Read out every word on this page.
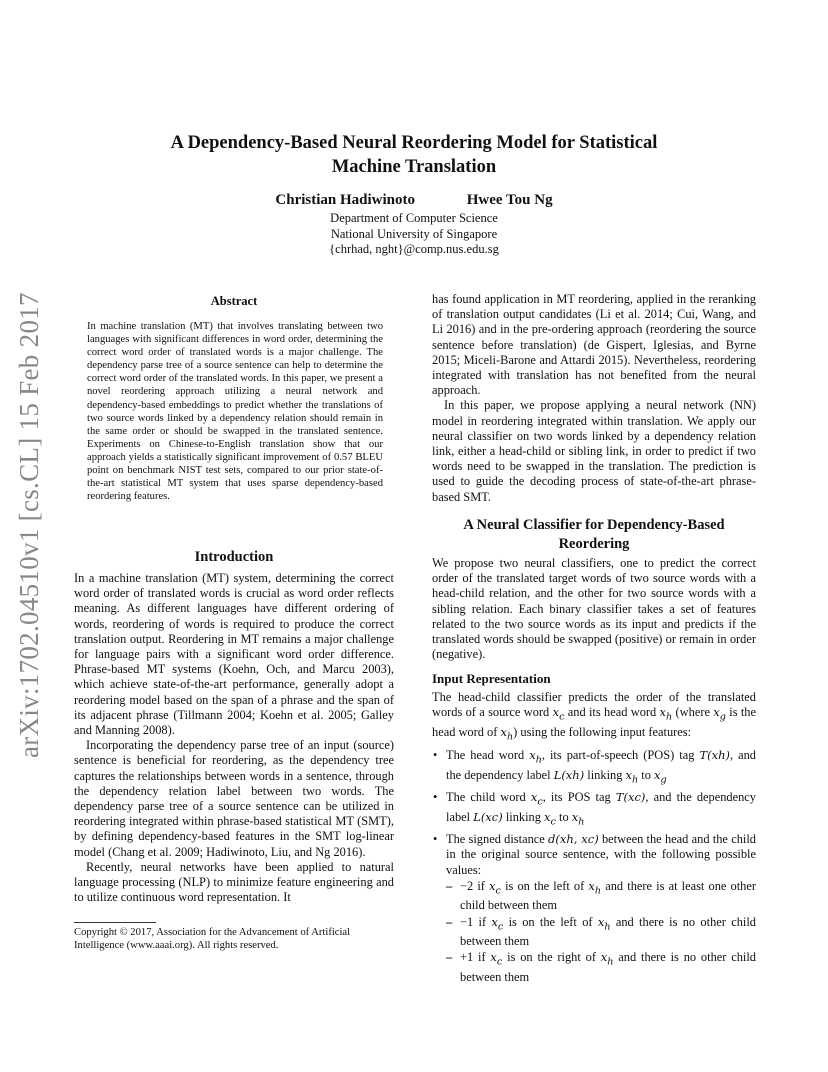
arXiv:1702.04510v1 [cs.CL] 15 Feb 2017
A Dependency-Based Neural Reordering Model for Statistical Machine Translation
Christian Hadiwinoto	Hwee Tou Ng
Department of Computer Science
National University of Singapore
{chrhad, nght}@comp.nus.edu.sg
Abstract
In machine translation (MT) that involves translating between two languages with significant differences in word order, determining the correct word order of translated words is a major challenge. The dependency parse tree of a source sentence can help to determine the correct word order of the translated words. In this paper, we present a novel reordering approach utilizing a neural network and dependency-based embeddings to predict whether the translations of two source words linked by a dependency relation should remain in the same order or should be swapped in the translated sentence. Experiments on Chinese-to-English translation show that our approach yields a statistically significant improvement of 0.57 BLEU point on benchmark NIST test sets, compared to our prior state-of-the-art statistical MT system that uses sparse dependency-based reordering features.
Introduction

In a machine translation (MT) system, determining the correct word order of translated words is crucial as word order reflects meaning. As different languages have different ordering of words, reordering of words is required to produce the correct translation output. Reordering in MT remains a major challenge for language pairs with a significant word order difference. Phrase-based MT systems (Koehn, Och, and Marcu 2003), which achieve state-of-the-art performance, generally adopt a reordering model based on the span of a phrase and the span of its adjacent phrase (Tillmann 2004; Koehn et al. 2005; Galley and Manning 2008).

Incorporating the dependency parse tree of an input (source) sentence is beneficial for reordering, as the dependency tree captures the relationships between words in a sentence, through the dependency relation label between two words. The dependency parse tree of a source sentence can be utilized in reordering integrated within phrase-based statistical MT (SMT), by defining dependency-based features in the SMT log-linear model (Chang et al. 2009; Hadiwinoto, Liu, and Ng 2016).

Recently, neural networks have been applied to natural language processing (NLP) to minimize feature engineering and to utilize continuous word representation. It

Copyright © 2017, Association for the Advancement of Artificial Intelligence (www.aaai.org). All rights reserved.

has found application in MT reordering, applied in the reranking of translation output candidates (Li et al. 2014; Cui, Wang, and Li 2016) and in the pre-ordering approach (reordering the source sentence before translation) (de Gispert, Iglesias, and Byrne 2015; Miceli-Barone and Attardi 2015). Nevertheless, reordering integrated with translation has not benefited from the neural approach.

In this paper, we propose applying a neural network (NN) model in reordering integrated within translation. We apply our neural classifier on two words linked by a dependency relation link, either a head-child or sibling link, in order to predict if two words need to be swapped in the translation. The prediction is used to guide the decoding process of state-of-the-art phrase-based SMT.

A Neural Classifier for Dependency-Based Reordering

We propose two neural classifiers, one to predict the correct order of the translated target words of two source words with a head-child relation, and the other for two source words with a sibling relation. Each binary classifier takes a set of features related to the two source words as its input and predicts if the translated words should be swapped (positive) or remain in order (negative).

Input Representation

The head-child classifier predicts the order of the translated words of a source word $x_c$ and its head word $x_h$ (where $x_g$ is the head word of $x_h$) using the following input features:

• The head word $x_h$, its part-of-speech (POS) tag T(xh), and the dependency label L(xh) linking $x_h$ to $x_g$
• The child word $x_c$, its POS tag T(xc), and the dependency label L(xc) linking $x_c$ to $x_h$
• The signed distance d(xh, xc) between the head and the child in the original source sentence, with the following possible values:
– −2 if $x_c$ is on the left of $x_h$ and there is at least one other child between them
– −1 if $x_c$ is on the left of $x_h$ and there is no other child between them
– +1 if $x_c$ is on the right of $x_h$ and there is no other child between them
